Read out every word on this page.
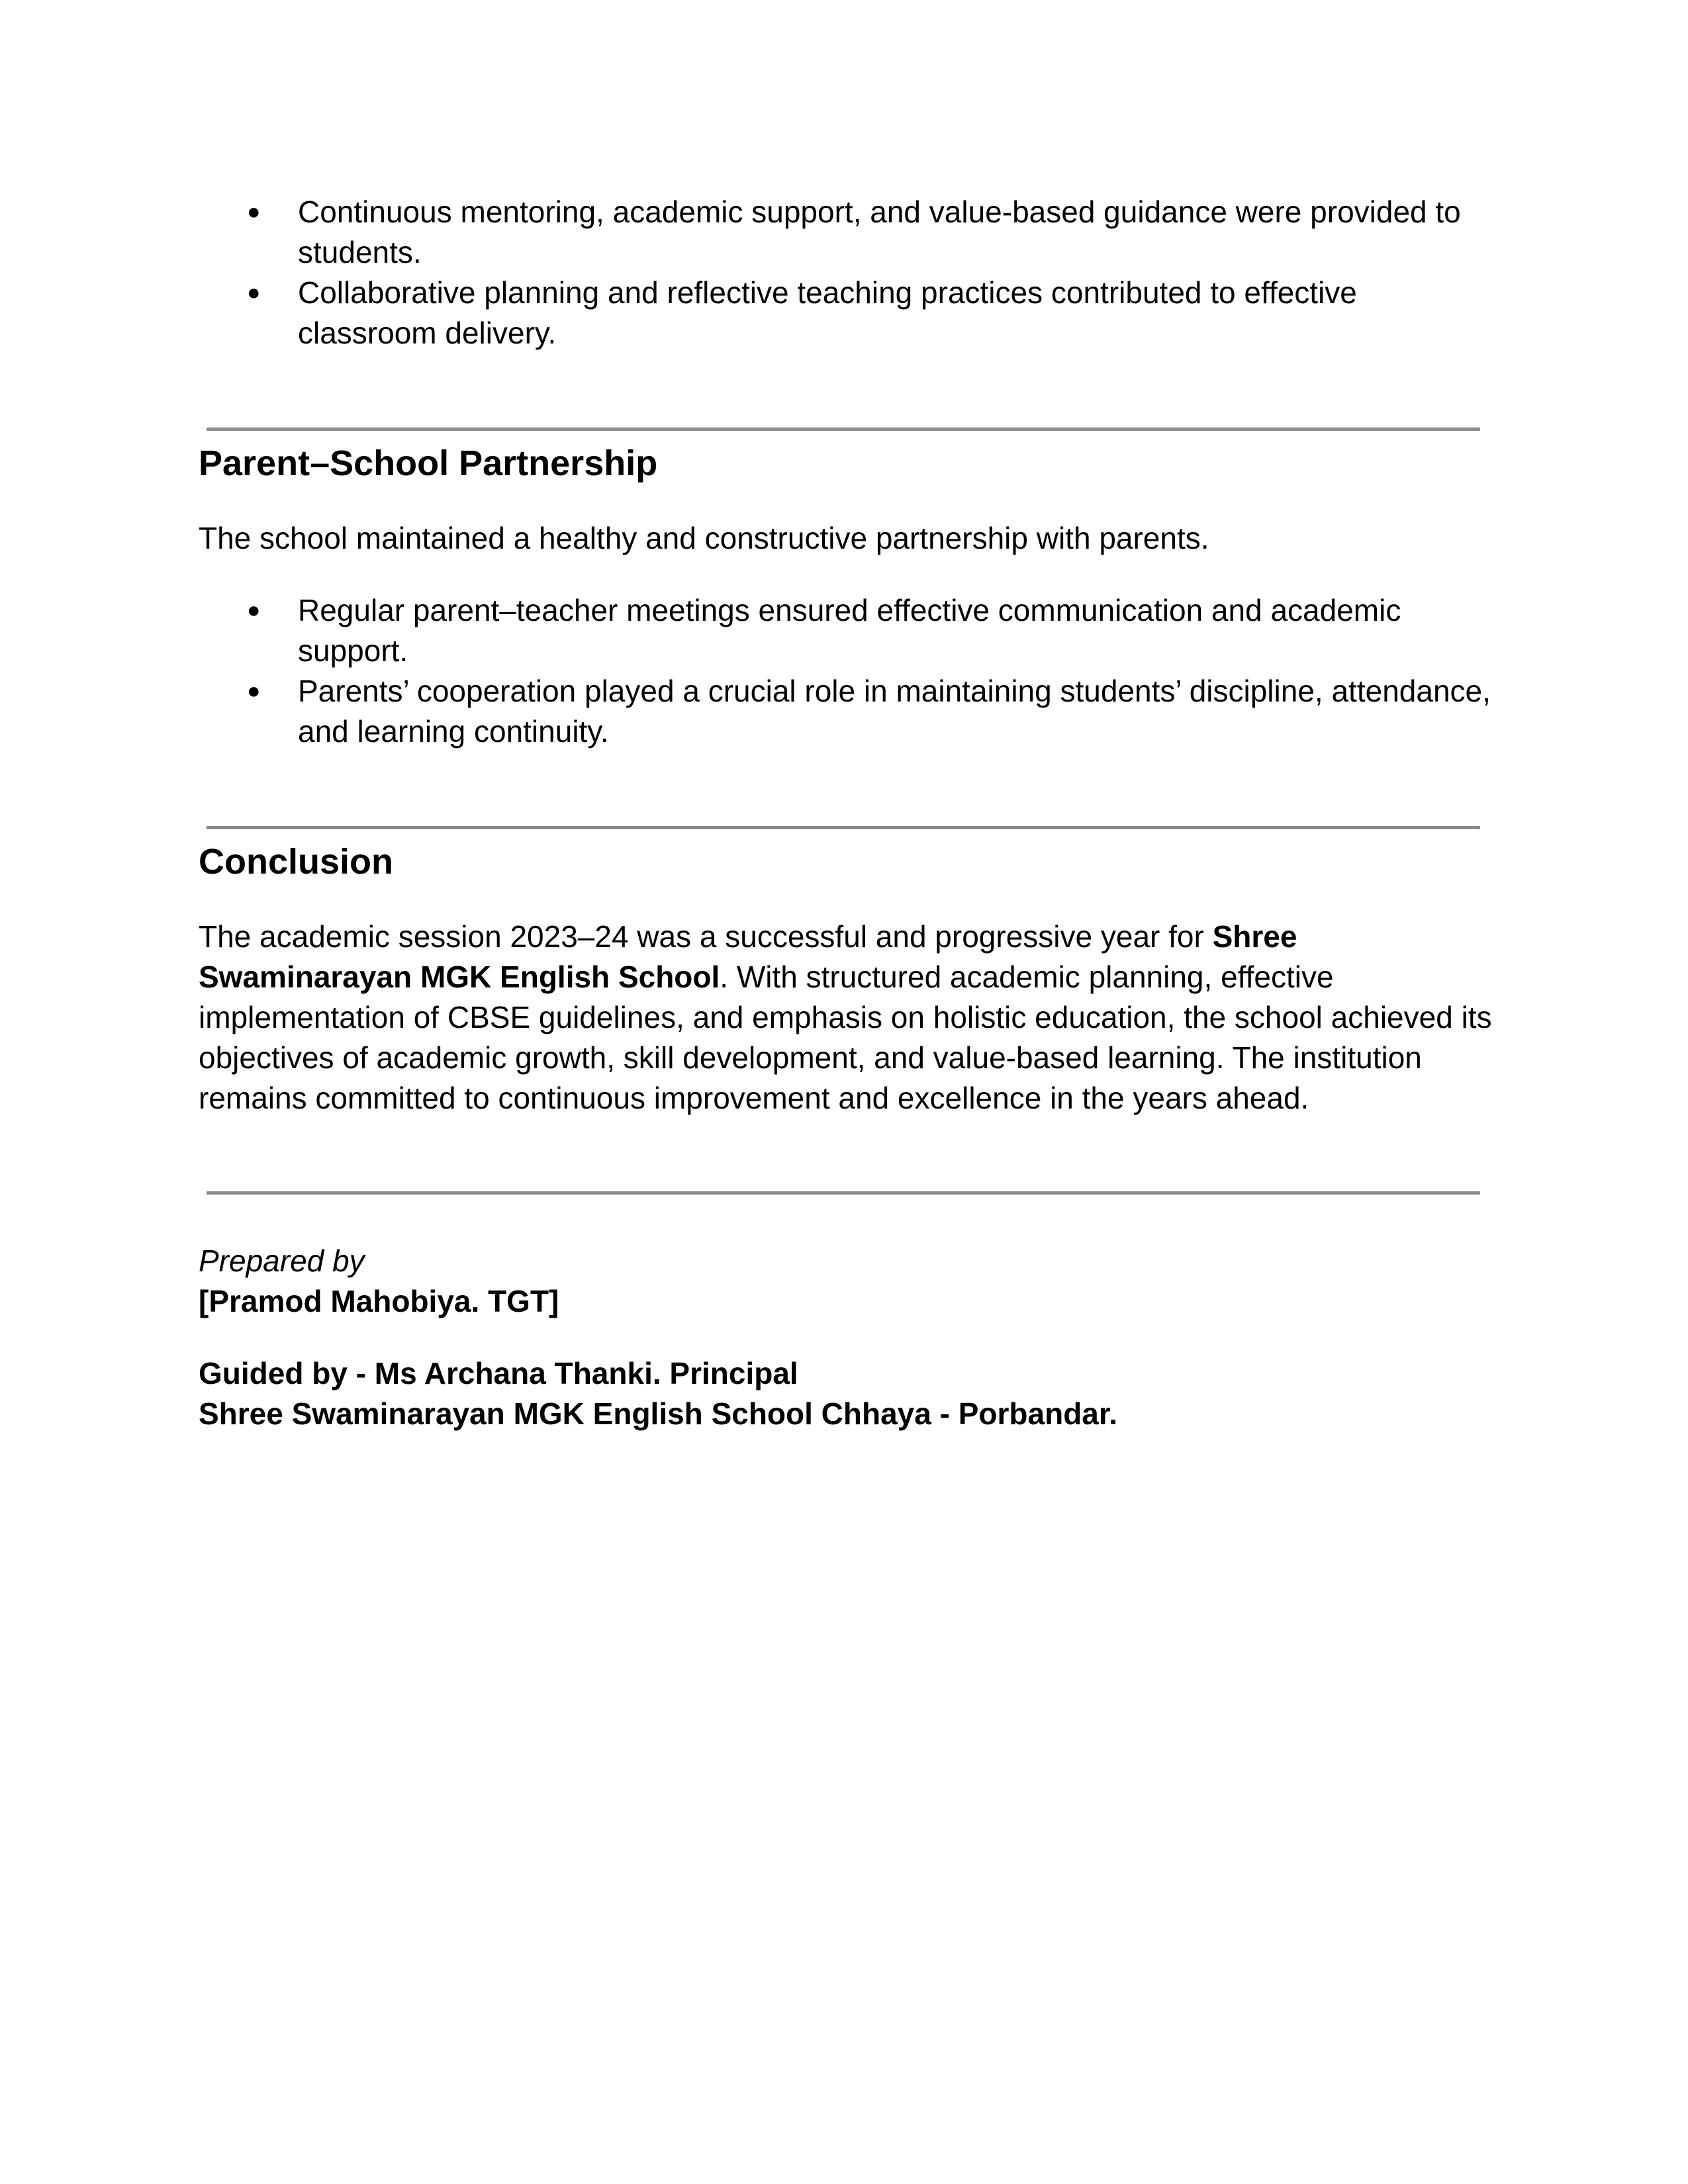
● Continuous mentoring, academic support, and value-based guidance were provided to students.
● Collaborative planning and reflective teaching practices contributed to effective classroom delivery.
Parent–School Partnership

The school maintained a healthy and constructive partnership with parents.

● Regular parent–teacher meetings ensured effective communication and academic support.
● Parents’ cooperation played a crucial role in maintaining students’ discipline, attendance, and learning continuity.
Conclusion

The academic session 2023–24 was a successful and progressive year for Shree Swaminarayan MGK English School. With structured academic planning, effective implementation of CBSE guidelines, and emphasis on holistic education, the school achieved its objectives of academic growth, skill development, and value-based learning. The institution remains committed to continuous improvement and excellence in the years ahead.

Prepared by

[Pramod Mahobiya. TGT]

Guided by - Ms Archana Thanki. Principal

Shree Swaminarayan MGK English School Chhaya - Porbandar.
